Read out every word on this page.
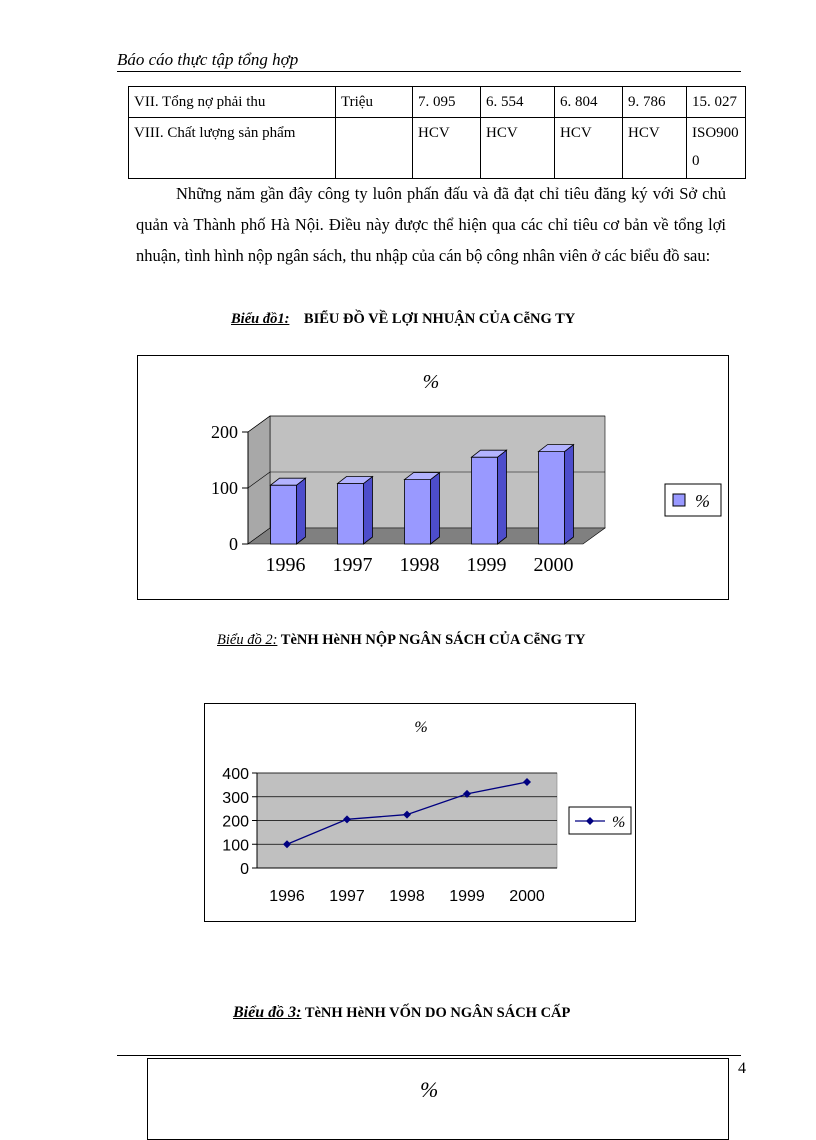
Báo cáo thực tập tổng hợp
VII. Tổng nợ phải thu	Triệu	7. 095	6. 554	6. 804	9. 786	15. 027
VIII. Chất lượng sản phẩm		HCV	HCV	HCV	HCV	ISO9000
Những năm gần đây công ty luôn phấn đấu và đã đạt chỉ tiêu đăng ký với Sở chủ quản và Thành phố Hà Nội. Điều này được thể hiện qua các chỉ tiêu cơ bản về tổng lợi nhuận, tình hình nộp ngân sách, thu nhập của cán bộ công nhân viên ở các biểu đồ sau:
Biểu đồ1: BIỂU ĐỒ VỀ LỢI NHUẬN CỦA CễNG TY
%
0
100
200
1996 1997 1998 1999 2000
%
Biểu đồ 2: TèNH HèNH NỘP NGÂN SÁCH CỦA CễNG TY
%
0
100
200
300
400
1996 1997 1998 1999 2000
%
Biểu đồ 3: TèNH HèNH VỐN DO NGÂN SÁCH CẤP
%
4
